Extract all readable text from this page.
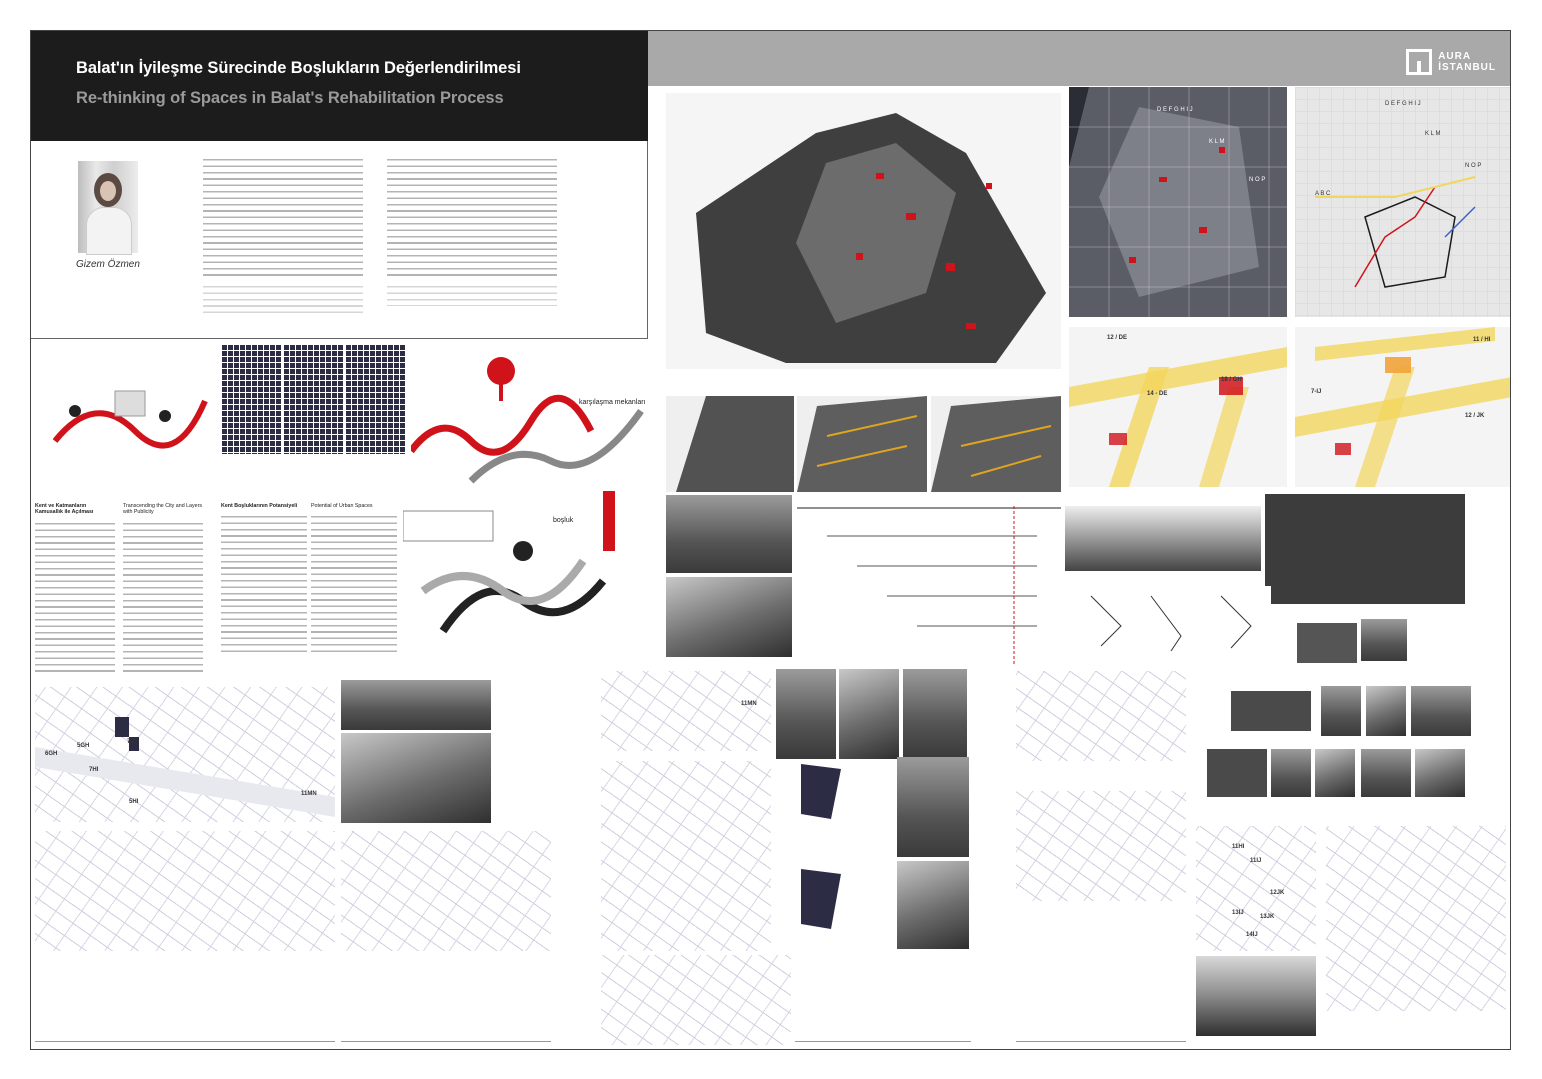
Balat'ın İyileşme Sürecinde Boşlukların Değerlendirilmesi
Re-thinking of Spaces in Balat's Rehabilitation Process
AURA
İSTANBUL
Gizem Özmen
D E F G H I J
K L M
N O P
D E F G H I J
K L M
N O P
A B C
12 / DE
14 - DE
18 / GH
11 / HI
7-IJ
12 / JK
karşılaşma mekanları
boşluk
Kent ve Katmanların Kamusallık ile Açılması
Transcending the City and Layers with Publicity
Kent Boşluklarının Potansiyeli	Potential of Urban Spaces
6GH
5GH
7IJ
7HI
5HI
11MN
11MN
11HI
11IJ
12JK
13JK
13IJ
14IJ
